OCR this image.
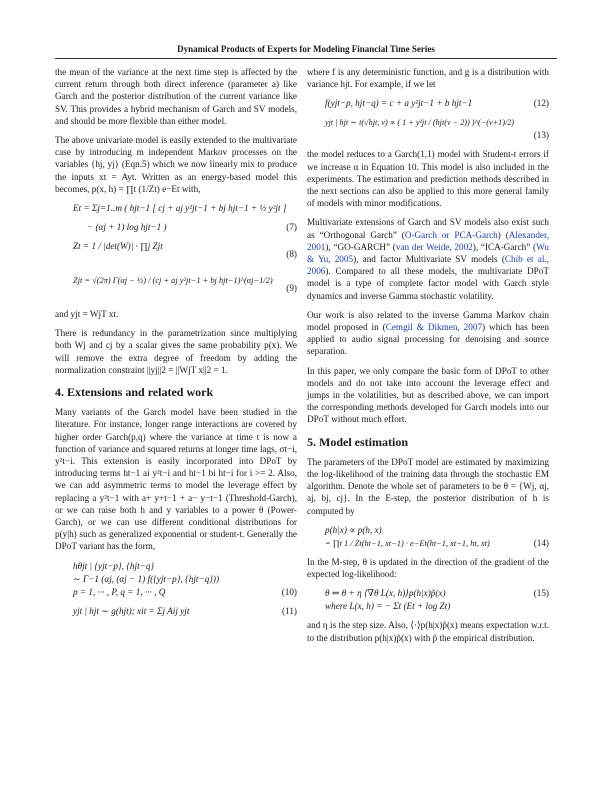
Dynamical Products of Experts for Modeling Financial Time Series

the mean of the variance at the next time step is affected by the current return through both direct inference (parameter a) like Garch and the posterior distribution of the current variance like SV. This provides a hybrid mechanism of Garch and SV models, and should be more flexible than either model.

The above univariate model is easily extended to the multivariate case by introducing m independent Markov processes on the variables {hj, yj} (Eqn.5) which we now linearly mix to produce the inputs xt = Ayt. Written as an energy-based model this becomes, p(x, h) = ∏t (1/Zt) e−Et with,

Et = Σj=1..m ( hjt−1 [ cj + aj y²jt−1 + bj hjt−1 + ½ y²jt ]
− (αj + 1) log hjt−1 )	(7)
Zt = 1 / |det(W)| · ∏j Zjt
(8)
Zjt = √(2π) Γ(αj − ½) / (cj + aj y²jt−1 + bj hjt−1)^(αj−1/2)
(9)

and yjt = WjT xt.

There is redundancy in the parametrization since multiplying both Wj and cj by a scalar gives the same probability p(x). We will remove the extra degree of freedom by adding the normalization constraint ||yj||2 = ||WjT x||2 = 1.

4. Extensions and related work

Many variants of the Garch model have been studied in the literature. For instance, longer range interactions are covered by higher order Garch(p,q) where the variance at time t is now a function of variance and squared returns at longer time lags, σt−i, y²t−i. This extension is easily incorporated into DPoT by introducing terms ht−1 ai y²t−i and ht−1 bi ht−i for i >= 2. Also, we can add asymmetric terms to model the leverage effect by replacing a y²t−1 with a+ y+t−1 + a− y−t−1 (Threshold-Garch), or we can raise both h and y variables to a power θ (Power-Garch), or we can use different conditional distributions for p(y|h) such as generalized exponential or student-t. Generally the DPoT variant has the form,

hθjt | {yjt−p}, {hjt−q}
∼ Γ−1 (αj, (αj − 1) f({yjt−p}, {hjt−q}))
p = 1, ··· , P, q = 1, ··· , Q	(10)
yjt | hjt ∼ g(hjt); xit = Σj Aij yjt	(11)

where f is any deterministic function, and g is a distribution with variance hjt. For example, if we let

f(yjt−p, hjt−q) = c + a y²jt−1 + b hjt−1	(12)
yjt | hjt ∼ t(√hjt, ν) ∝ ( 1 + y²jt / (hjt(ν − 2)) )^(−(ν+1)/2)
(13)

the model reduces to a Garch(1,1) model with Student-t errors if we increase α in Equation 10. This model is also included in the experiments. The estimation and prediction methods described in the next sections can also be applied to this more general family of models with minor modifications.

Multivariate extensions of Garch and SV models also exist such as “Orthogonal Garch” (O-Garch or PCA-Garch) (Alexander, 2001), “GO-GARCH” (van der Weide, 2002), “ICA-Garch” (Wu & Yu, 2005), and factor Multivariate SV models (Chib et al., 2006). Compared to all these models, the multivariate DPoT model is a type of complete factor model with Garch style dynamics and inverse Gamma stochastic volatility.

Our work is also related to the inverse Gamma Markov chain model proposed in (Cemgil & Dikmen, 2007) which has been applied to audio signal processing for denoising and source separation.

In this paper, we only compare the basic form of DPoT to other models and do not take into account the leverage effect and jumps in the volatilities, but as described above, we can import the corresponding methods developed for Garch models into our DPoT without much effort.

5. Model estimation

The parameters of the DPoT model are estimated by maximizing the log-likelihood of the training data through the stochastic EM algorithm. Denote the whole set of parameters to be θ = {Wj, αj, aj, bj, cj}. In the E-step, the posterior distribution of h is computed by

p(h|x) ∝ p(h, x)
= ∏t 1 / Zt(ht−1, xt−1) · e−Et(ht−1, xt−1, ht, xt)	(14)

In the M-step, θ is updated in the direction of the gradient of the expected log-likelihood:

θ ⇐ θ + η ⟨∇θ L(x, h)⟩p(h|x)p̃(x)
where L(x, h) = − Σt (Et + log Zt)
(15)

and η is the step size. Also, ⟨·⟩p(h|x)p̃(x) means expectation w.r.t. to the distribution p(h|x)p̃(x) with p̃ the empirical distribution.
